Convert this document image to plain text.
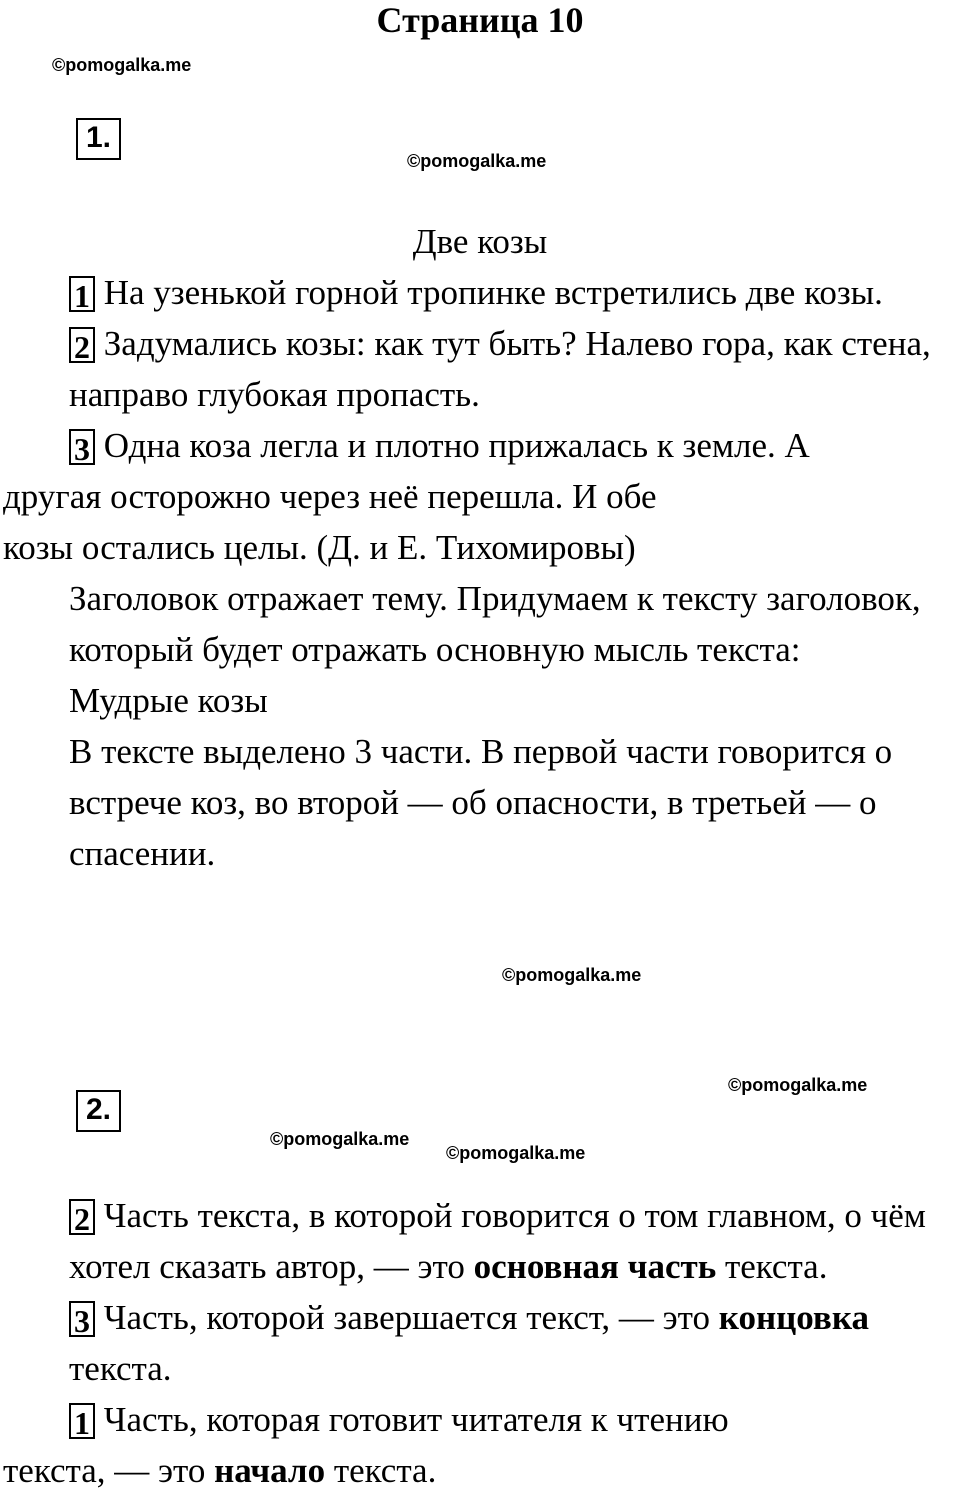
Страница 10
©pomogalka.me
1.
©pomogalka.me
Две козы

1 На узенькой горной тропинке встретились две козы.

2 Задумались козы: как тут быть? Налево гора, как стена, направо глубокая пропасть.

3 Одна коза легла и плотно прижалась к земле. А
другая осторожно через неё перешла. И обе
козы остались целы. (Д. и Е. Тихомировы)

Заголовок отражает тему. Придумаем к тексту заголовок, который будет отражать основную мысль текста:

Мудрые козы

В тексте выделено 3 части. В первой части говорится о встрече коз, во второй — об опасности, в третьей — о спасении.

©pomogalka.me
©pomogalka.me
2.
©pomogalka.me
©pomogalka.me

2 Часть текста, в которой говорится о том главном, о чём хотел сказать автор, — это основная часть текста.

3 Часть, которой завершается текст, — это концовка текста.

1 Часть, которая готовит читателя к чтению
текста, — это начало текста.
